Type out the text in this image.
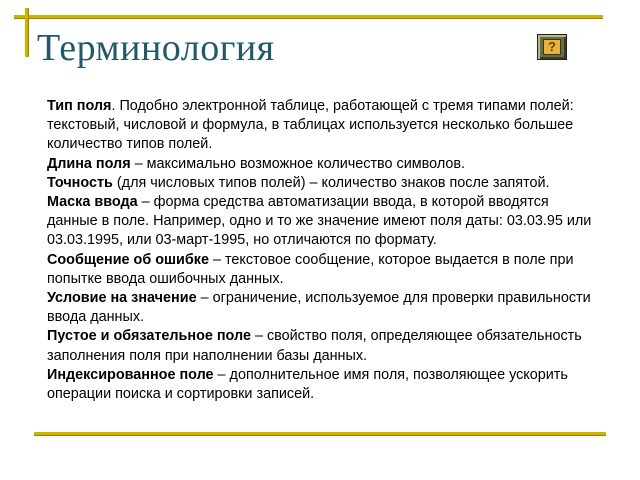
Терминология	?

Тип поля. Подобно электронной таблице, работающей с тремя типами полей: текстовый, числовой и формула, в таблицах используется несколько большее количество типов полей.

Длина поля – максимально возможное количество символов.

Точность (для числовых типов полей) – количество знаков после запятой.

Маска ввода – форма средства автоматизации ввода, в которой вводятся данные в поле. Например, одно и то же значение имеют поля даты: 03.03.95 или 03.03.1995, или 03-март-1995, но отличаются по формату.

Сообщение об ошибке – текстовое сообщение, которое выдается в поле при попытке ввода ошибочных данных.

Условие на значение – ограничение, используемое для проверки правильности ввода данных.

Пустое и обязательное поле – свойство поля, определяющее обязательность заполнения поля при наполнении базы данных.

Индексированное поле – дополнительное имя поля, позволяющее ускорить операции поиска и сортировки записей.
